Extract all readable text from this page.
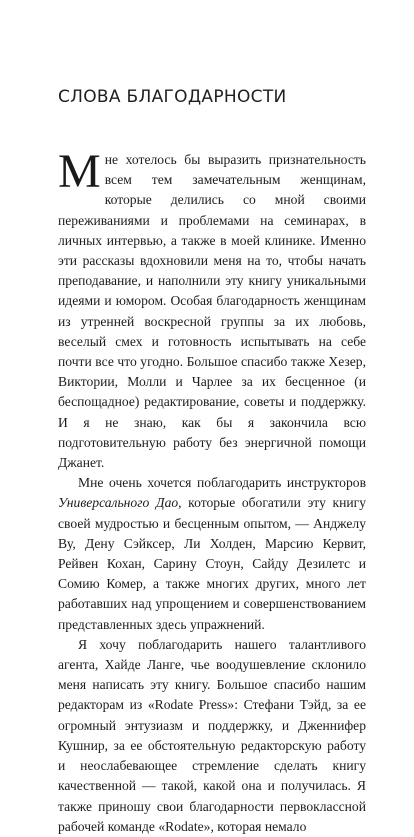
СЛОВА БЛАГОДАРНОСТИ

Мне хотелось бы выразить признательность всем тем замечательным женщинам, которые делились со мной своими переживаниями и проблемами на семинарах, в личных интервью, а также в моей клинике. Именно эти рассказы вдохновили меня на то, чтобы начать преподавание, и наполнили эту книгу уникальными идеями и юмором. Особая благодарность женщинам из утренней воскресной группы за их любовь, веселый смех и готовность испытывать на себе почти все что угодно. Большое спасибо также Хезер, Виктории, Молли и Чарлее за их бесценное (и беспощадное) редактирование, советы и поддержку. И я не знаю, как бы я закончила всю подготовительную работу без энергичной помощи Джанет.

Мне очень хочется поблагодарить инструкторов Универсального Дао, которые обогатили эту книгу своей мудростью и бесценным опытом, — Анджелу Ву, Дену Сэйксер, Ли Холден, Марсию Кервит, Рейвен Кохан, Сарину Стоун, Сайду Дезилетс и Сомию Комер, а также многих других, много лет работавших над упрощением и совершенствованием представленных здесь упражнений.

Я хочу поблагодарить нашего талантливого агента, Хайде Ланге, чье воодушевление склонило меня написать эту книгу. Большое спасибо нашим редакторам из «Rodate Press»: Стефани Тэйд, за ее огромный энтузиазм и поддержку, и Дженнифер Кушнир, за ее обстоятельную редакторскую работу и неослабевающее стремление сделать книгу качественной — такой, какой она и получилась. Я также приношу свои благодарности первоклассной рабочей команде «Rodate», которая немало
